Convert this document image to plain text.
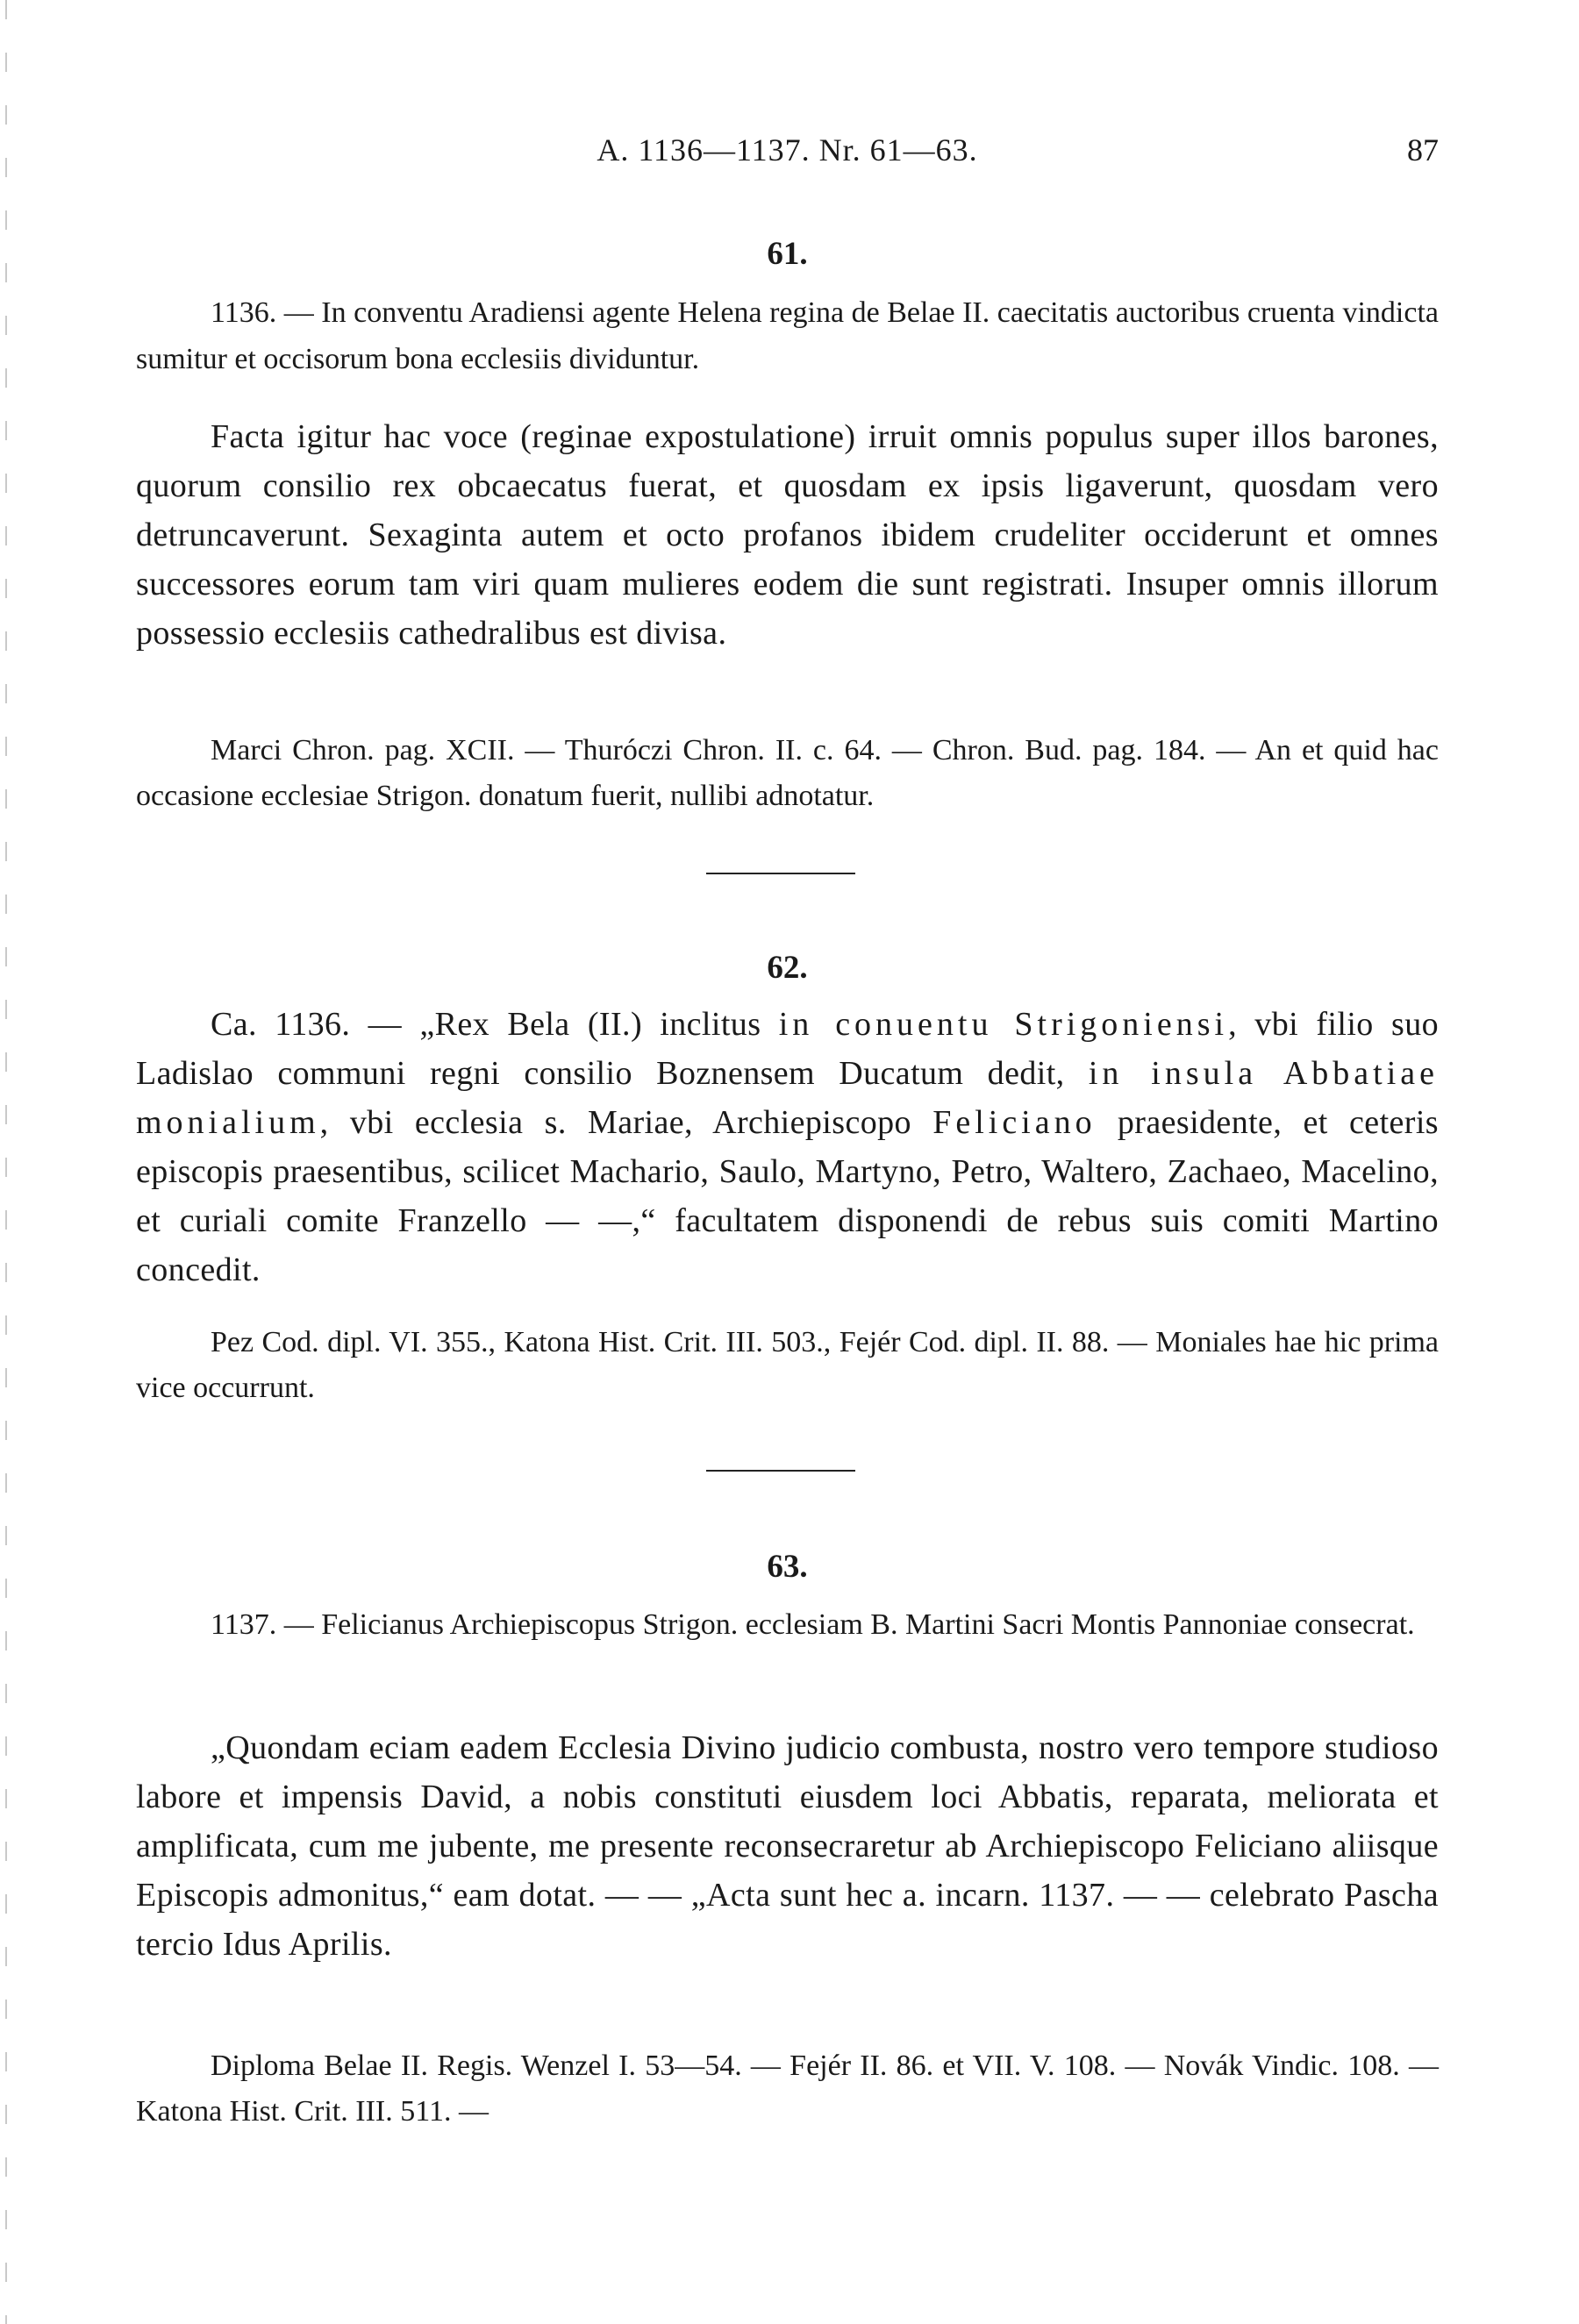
A. 1136—1137. Nr. 61—63.	87
61.
1136. — In conventu Aradiensi agente Helena regina de Belae II. caecitatis auctoribus cruenta vindicta sumitur et occisorum bona ecclesiis dividuntur.
Facta igitur hac voce (reginae expostulatione) irruit omnis populus super illos barones, quorum consilio rex obcaecatus fuerat, et quosdam ex ipsis ligaverunt, quosdam vero detruncaverunt. Sexaginta autem et octo profanos ibidem crudeliter occiderunt et omnes successores eorum tam viri quam mulieres eodem die sunt registrati. Insuper omnis illorum possessio ecclesiis cathedralibus est divisa.
Marci Chron. pag. XCII. — Thuróczi Chron. II. c. 64. — Chron. Bud. pag. 184. — An et quid hac occasione ecclesiae Strigon. donatum fuerit, nullibi adnotatur.
62.
Ca. 1136. — „Rex Bela (II.) inclitus in conuentu Strigoniensi, vbi filio suo Ladislao communi regni consilio Boznensem Ducatum dedit, in insula Abbatiae monialium, vbi ecclesia s. Mariae, Archiepiscopo Feliciano praesidente, et ceteris episcopis praesentibus, scilicet Machario, Saulo, Martyno, Petro, Waltero, Zachaeo, Macelino, et curiali comite Franzello — —,“ facultatem disponendi de rebus suis comiti Martino concedit.
Pez Cod. dipl. VI. 355., Katona Hist. Crit. III. 503., Fejér Cod. dipl. II. 88. — Moniales hae hic prima vice occurrunt.
63.
1137. — Felicianus Archiepiscopus Strigon. ecclesiam B. Martini Sacri Montis Pannoniae consecrat.
„Quondam eciam eadem Ecclesia Divino judicio combusta, nostro vero tempore studioso labore et impensis David, a nobis constituti eiusdem loci Abbatis, reparata, meliorata et amplificata, cum me jubente, me presente reconsecraretur ab Archiepiscopo Feliciano aliisque Episcopis admonitus,“ eam dotat. — — „Acta sunt hec a. incarn. 1137. — — celebrato Pascha tercio Idus Aprilis.
Diploma Belae II. Regis. Wenzel I. 53—54. — Fejér II. 86. et VII. V. 108. — Novák Vindic. 108. — Katona Hist. Crit. III. 511. —
